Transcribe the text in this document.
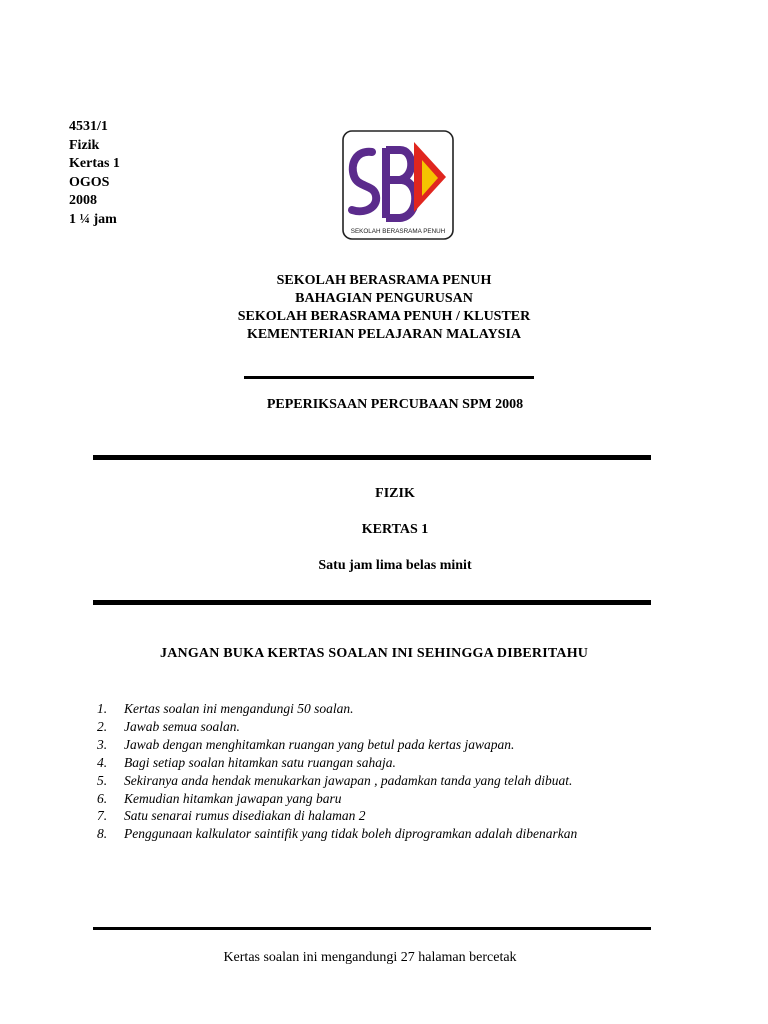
4531/1
Fizik
Kertas 1
OGOS
2008
1 ¼ jam
SEKOLAH BERASRAMA PENUH
SEKOLAH BERASRAMA PENUH
BAHAGIAN PENGURUSAN
SEKOLAH BERASRAMA PENUH / KLUSTER
KEMENTERIAN PELAJARAN MALAYSIA
PEPERIKSAAN PERCUBAAN SPM 2008
FIZIK
KERTAS 1
Satu jam lima belas minit
JANGAN BUKA KERTAS SOALAN INI SEHINGGA DIBERITAHU
1. Kertas soalan ini mengandungi 50 soalan.
2. Jawab semua soalan.
3. Jawab dengan menghitamkan ruangan yang betul pada kertas jawapan.
4. Bagi setiap soalan hitamkan satu ruangan sahaja.
5. Sekiranya anda hendak menukarkan jawapan , padamkan tanda yang telah dibuat.
6. Kemudian hitamkan jawapan yang baru
7. Satu senarai rumus disediakan di halaman 2
8. Penggunaan kalkulator saintifik yang tidak boleh diprogramkan adalah dibenarkan
Kertas soalan ini mengandungi 27 halaman bercetak
